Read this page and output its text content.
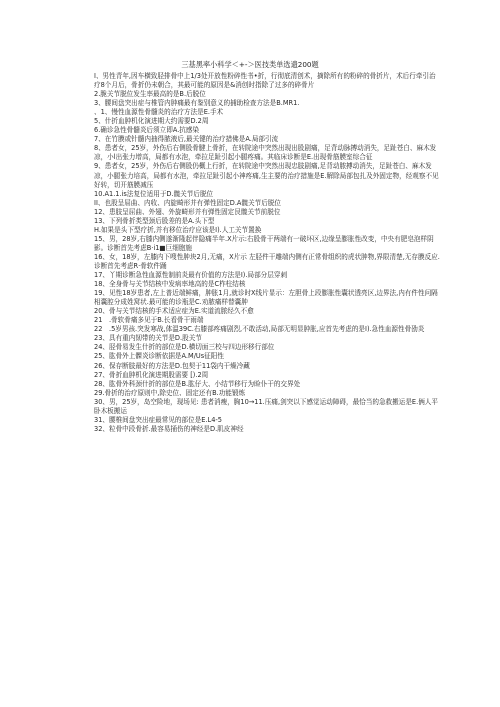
三基黑率小科学＜+-＞医技类单选遗200题

I、男性青年,因车横致胫排骨中上1/3处开放性粉碎性书•折，行彻底清创术，摘除所有的粉碎的骨折片，术后行牵引治疗8个月后，骨折仍未朝合，其最可能的原因是&消创时指除了过多的碎骨片

2.脆关节脱位发生率最高的是B.后脱位

3、腰间盘突出症与椎管内肿痛最有鉴别意义的捕助检查方法是B.MR1.

、1、慢性血源性骨髓炎的治疗方法是E.手术

5、什折血肿机化演进期大约需要D.2周

6.确诊急性骨髓炎后须立即A.抗感染

7、在竹膜或针髓内抽得脓液后,最关键的治疗措佛是A.局部引流

8、患者女，25岁，外伤后右侧股骨腱上骨折，在转院途中突然出现出股剧痛，足背动脉搏动消失，足趾苍白、麻木发凉，小l出张力增高，局都有水泡，牵拉足趾引起小腿疼痛。其临床诊断是E.出现骨筋膜室综合征

9、患者女，25岁，外伤后右侧股仍概上行折，在转院途中突然出现忠肢剧痛,足背动脓搏动消失，足趾苍白、麻木发凉，小腿张力培高，局都有水泡，牵拉足趾引起小神疼痛,生主要的治疗措施是E.解除局部包扎及外固定物，经观察不见好转，切开筋膜减压

10.A1.1.is法复位适用于D.髋关节后脱位

II、也股呈屈曲、内收、内旋畸形并有弹性固定D.A髋关节后脱位

12、患肢呈屈曲、外翅、外旋畸形并有弹性固定艮髋关节前脱位

13、下列骨折类型颈后股差的是A.头下型

H.如果是头下型疗折,并有移位治疗应该是I).人工关节置换

15、男，28岁,右膝内侧遂渐隆起伴隐痛半年.X片示:右股骨干两端有一破坏区,边缘呈膨胀性改变，中央有肥皂泡样阴影。诊断首先考虑B·i1■巨细胞施

16、女，18岁，左膝内下嗖性肿块2月,无痛，X片示 左胫件干雕端内侧有正常骨组织的虎状肿物,界限清楚,无存膜反应.诊断首先考虑R·骨软件踊

17、丫期诊断急性血源性制前炎最有价值的方法是I).局部分层穿刺

18、全身骨与关节结核中发病率地高的是C柞柱结核

19、见性18岁患者,左上普近端鲜痛，肿胀1月,就诊时X线片显示：左胆骨上段膨胀性囊状透亮区,边界法,内有件性问隔相囊腔分成姓窝状.最可能的诊瓶是C.劝脓痛样替囊肿

20、骨与关节结核的手术适应症为E.实道流脓经久不愈

21　.骨软骨痛多见于B.长看骨干雨端

22　.5岁男孩.突发寒战,体温39C.右膝部疼痛剧烈,不敢活动,局部无明显肿胀,应首先考虑的是I).急性血源性骨劭炎

23、具有重内韧带的关节是D.股关节

24、胫骨易发生什折的部位是D.横切面三校与四边形移行部位

25、肱骨外上髁炎诊断依据是A.M/Us征阳性

26、保存断肢最好的方法是D.包契于11袋内干燥冷藏

27、骨折血肿机化演进期股需要 [).2周

28、肱骨外科颈什折的部位是B.肱仔大、小结节移行为睑仆干的交界处

29.骨折的治疗原则中,除史位、固定还有B.功能锻炼

30、男，25岁，岛空险地，现场见: 患者消瘦，胸10→11.压痛,剑突以下感觉运动障碍，最恰当的急救搬运是E.俩人平卧木板搬运

31、腰椎间盘突出症最常见的部位是E.L4-5

32、粒骨中段骨折.最容易捅伤的神经是D.肌皮神经
